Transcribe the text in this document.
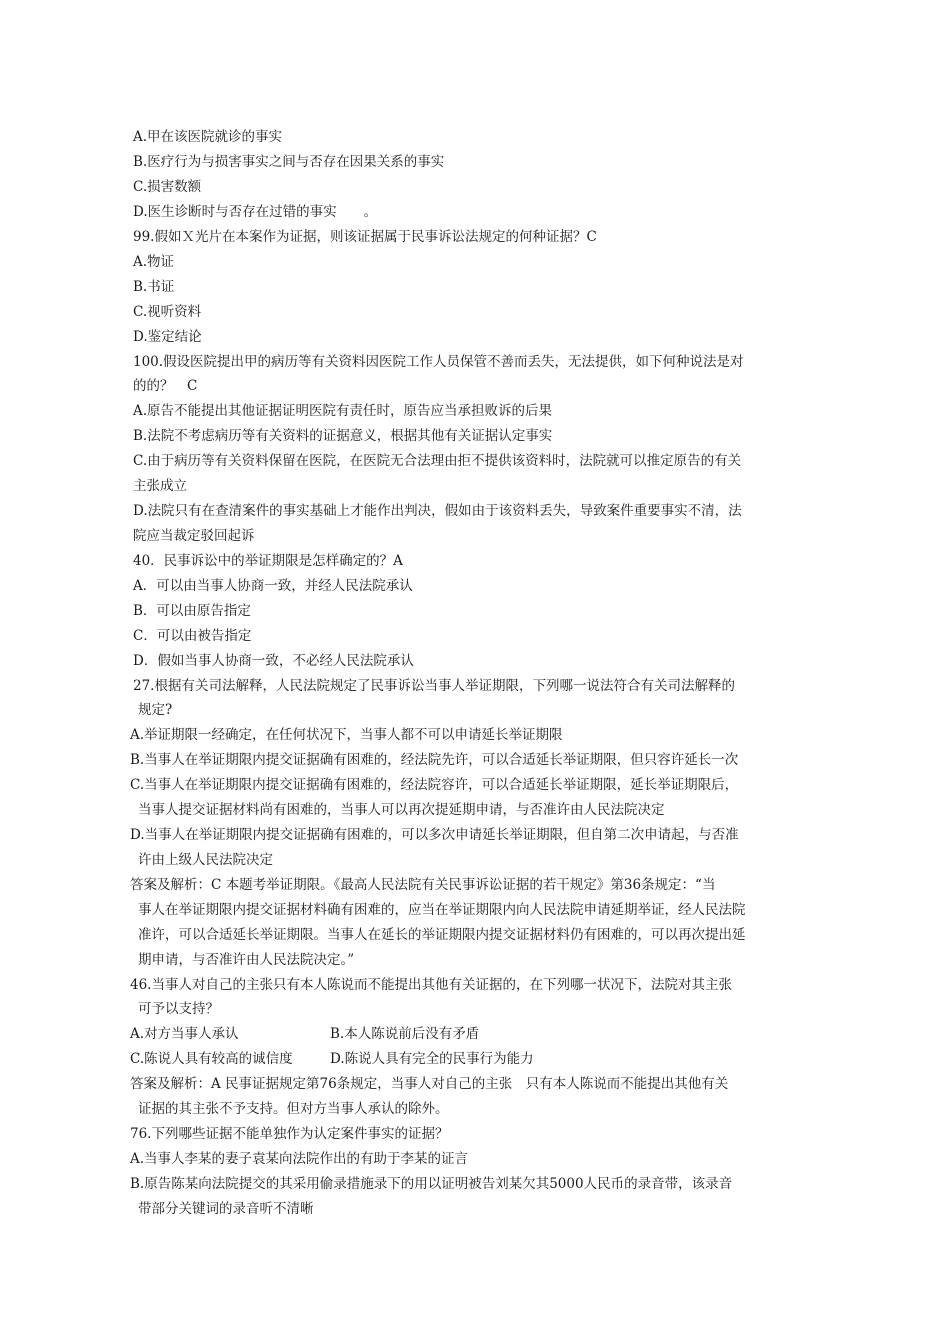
A.甲在该医院就诊的事实
B.医疗行为与损害事实之间与否存在因果关系的事实
C.损害数额
D.医生诊断时与否存在过错的事实　　。
99.假如Ｘ光片在本案作为证据，则该证据属于民事诉讼法规定的何种证据？C
A.物证
B.书证
C.视听资料
D.鉴定结论
100.假设医院提出甲的病历等有关资料因医院工作人员保管不善而丢失，无法提供，如下何种说法是对
的的？　C
A.原告不能提出其他证据证明医院有责任时，原告应当承担败诉的后果
B.法院不考虑病历等有关资料的证据意义，根据其他有关证据认定事实
C.由于病历等有关资料保留在医院，在医院无合法理由拒不提供该资料时，法院就可以推定原告的有关
主张成立
D.法院只有在查清案件的事实基础上才能作出判决，假如由于该资料丢失，导致案件重要事实不清，法
院应当裁定驳回起诉
40．民事诉讼中的举证期限是怎样确定的？A
A．可以由当事人协商一致，并经人民法院承认
B．可以由原告指定
C．可以由被告指定
D．假如当事人协商一致，不必经人民法院承认
27.根据有关司法解释，人民法院规定了民事诉讼当事人举证期限，下列哪一说法符合有关司法解释的
规定?
A.举证期限一经确定，在任何状况下，当事人都不可以申请延长举证期限
B.当事人在举证期限内提交证据确有困难的，经法院先许，可以合适延长举证期限，但只容许延长一次
C.当事人在举证期限内提交证据确有困难的，经法院容许，可以合适延长举证期限，延长举证期限后，
当事人提交证据材料尚有困难的，当事人可以再次提延期申请，与否准许由人民法院决定
D.当事人在举证期限内提交证据确有困难的，可以多次申请延长举证期限，但自第二次申请起，与否准
许由上级人民法院决定
答案及解析：C 本题考举证期限。《最高人民法院有关民事诉讼证据的若干规定》第36条规定：“当
事人在举证期限内提交证据材料确有困难的，应当在举证期限内向人民法院申请延期举证，经人民法院
准许，可以合适延长举证期限。当事人在延长的举证期限内提交证据材料仍有困难的，可以再次提出延
期申请，与否准许由人民法院决定。”
46.当事人对自己的主张只有本人陈说而不能提出其他有关证据的，在下列哪一状况下，法院对其主张
可予以支持？
A.对方当事人承认	B.本人陈说前后没有矛盾
C.陈说人具有较高的诚信度	D.陈说人具有完全的民事行为能力
答案及解析：A 民事证据规定第76条规定，当事人对自己的主张　只有本人陈说而不能提出其他有关
证据的其主张不予支持。但对方当事人承认的除外。
76.下列哪些证据不能单独作为认定案件事实的证据？
A.当事人李某的妻子袁某向法院作出的有助于李某的证言
B.原告陈某向法院提交的其采用偷录措施录下的用以证明被告刘某欠其5000人民币的录音带，该录音
带部分关键词的录音听不清晰
